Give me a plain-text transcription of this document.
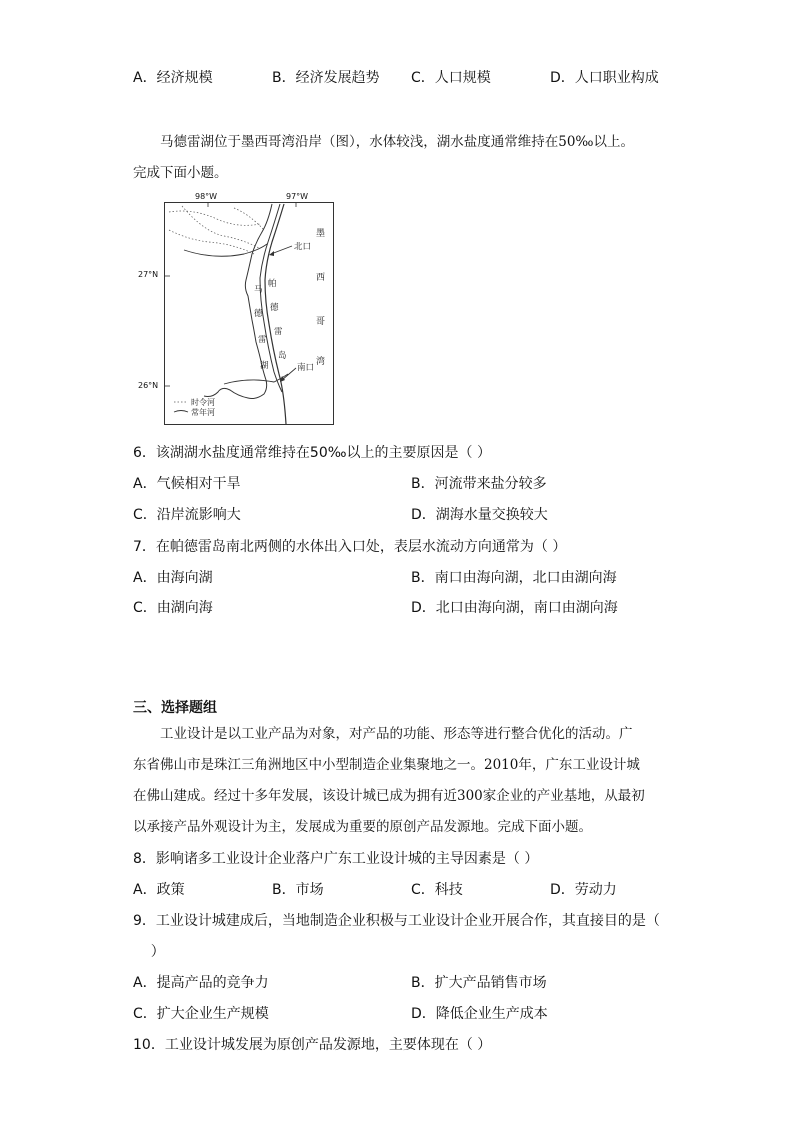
A．经济规模	B．经济发展趋势 C．人口规模	D．人口职业构成
马德雷湖位于墨西哥湾沿岸（图），水体较浅，湖水盐度通常维持在50‰以上。
完成下面小题。
时令河
常年河
北口
南口
墨
西
哥
湾
帕
德
雷
岛
马
德
雷
湖
98°W	97°W
27°N
26°N
6．该湖湖水盐度通常维持在50‰以上的主要原因是（ ）
A．气候相对干旱	B．河流带来盐分较多
C．沿岸流影响大	D．湖海水量交换较大
7．在帕德雷岛南北两侧的水体出入口处，表层水流动方向通常为（ ）
A．由海向湖	B．南口由海向湖，北口由湖向海
C．由湖向海	D．北口由海向湖，南口由湖向海
三、选择题组
工业设计是以工业产品为对象，对产品的功能、形态等进行整合优化的活动。广
东省佛山市是珠江三角洲地区中小型制造企业集聚地之一。2010年，广东工业设计城
在佛山建成。经过十多年发展，该设计城已成为拥有近300家企业的产业基地，从最初
以承接产品外观设计为主，发展成为重要的原创产品发源地。完成下面小题。
8．影响诸多工业设计企业落户广东工业设计城的主导因素是（ ）
A．政策	B．市场	C．科技	D．劳动力
9．工业设计城建成后，当地制造企业积极与工业设计企业开展合作，其直接目的是（
）
A．提高产品的竞争力	B．扩大产品销售市场
C．扩大企业生产规模	D．降低企业生产成本
10．工业设计城发展为原创产品发源地，主要体现在（ ）
